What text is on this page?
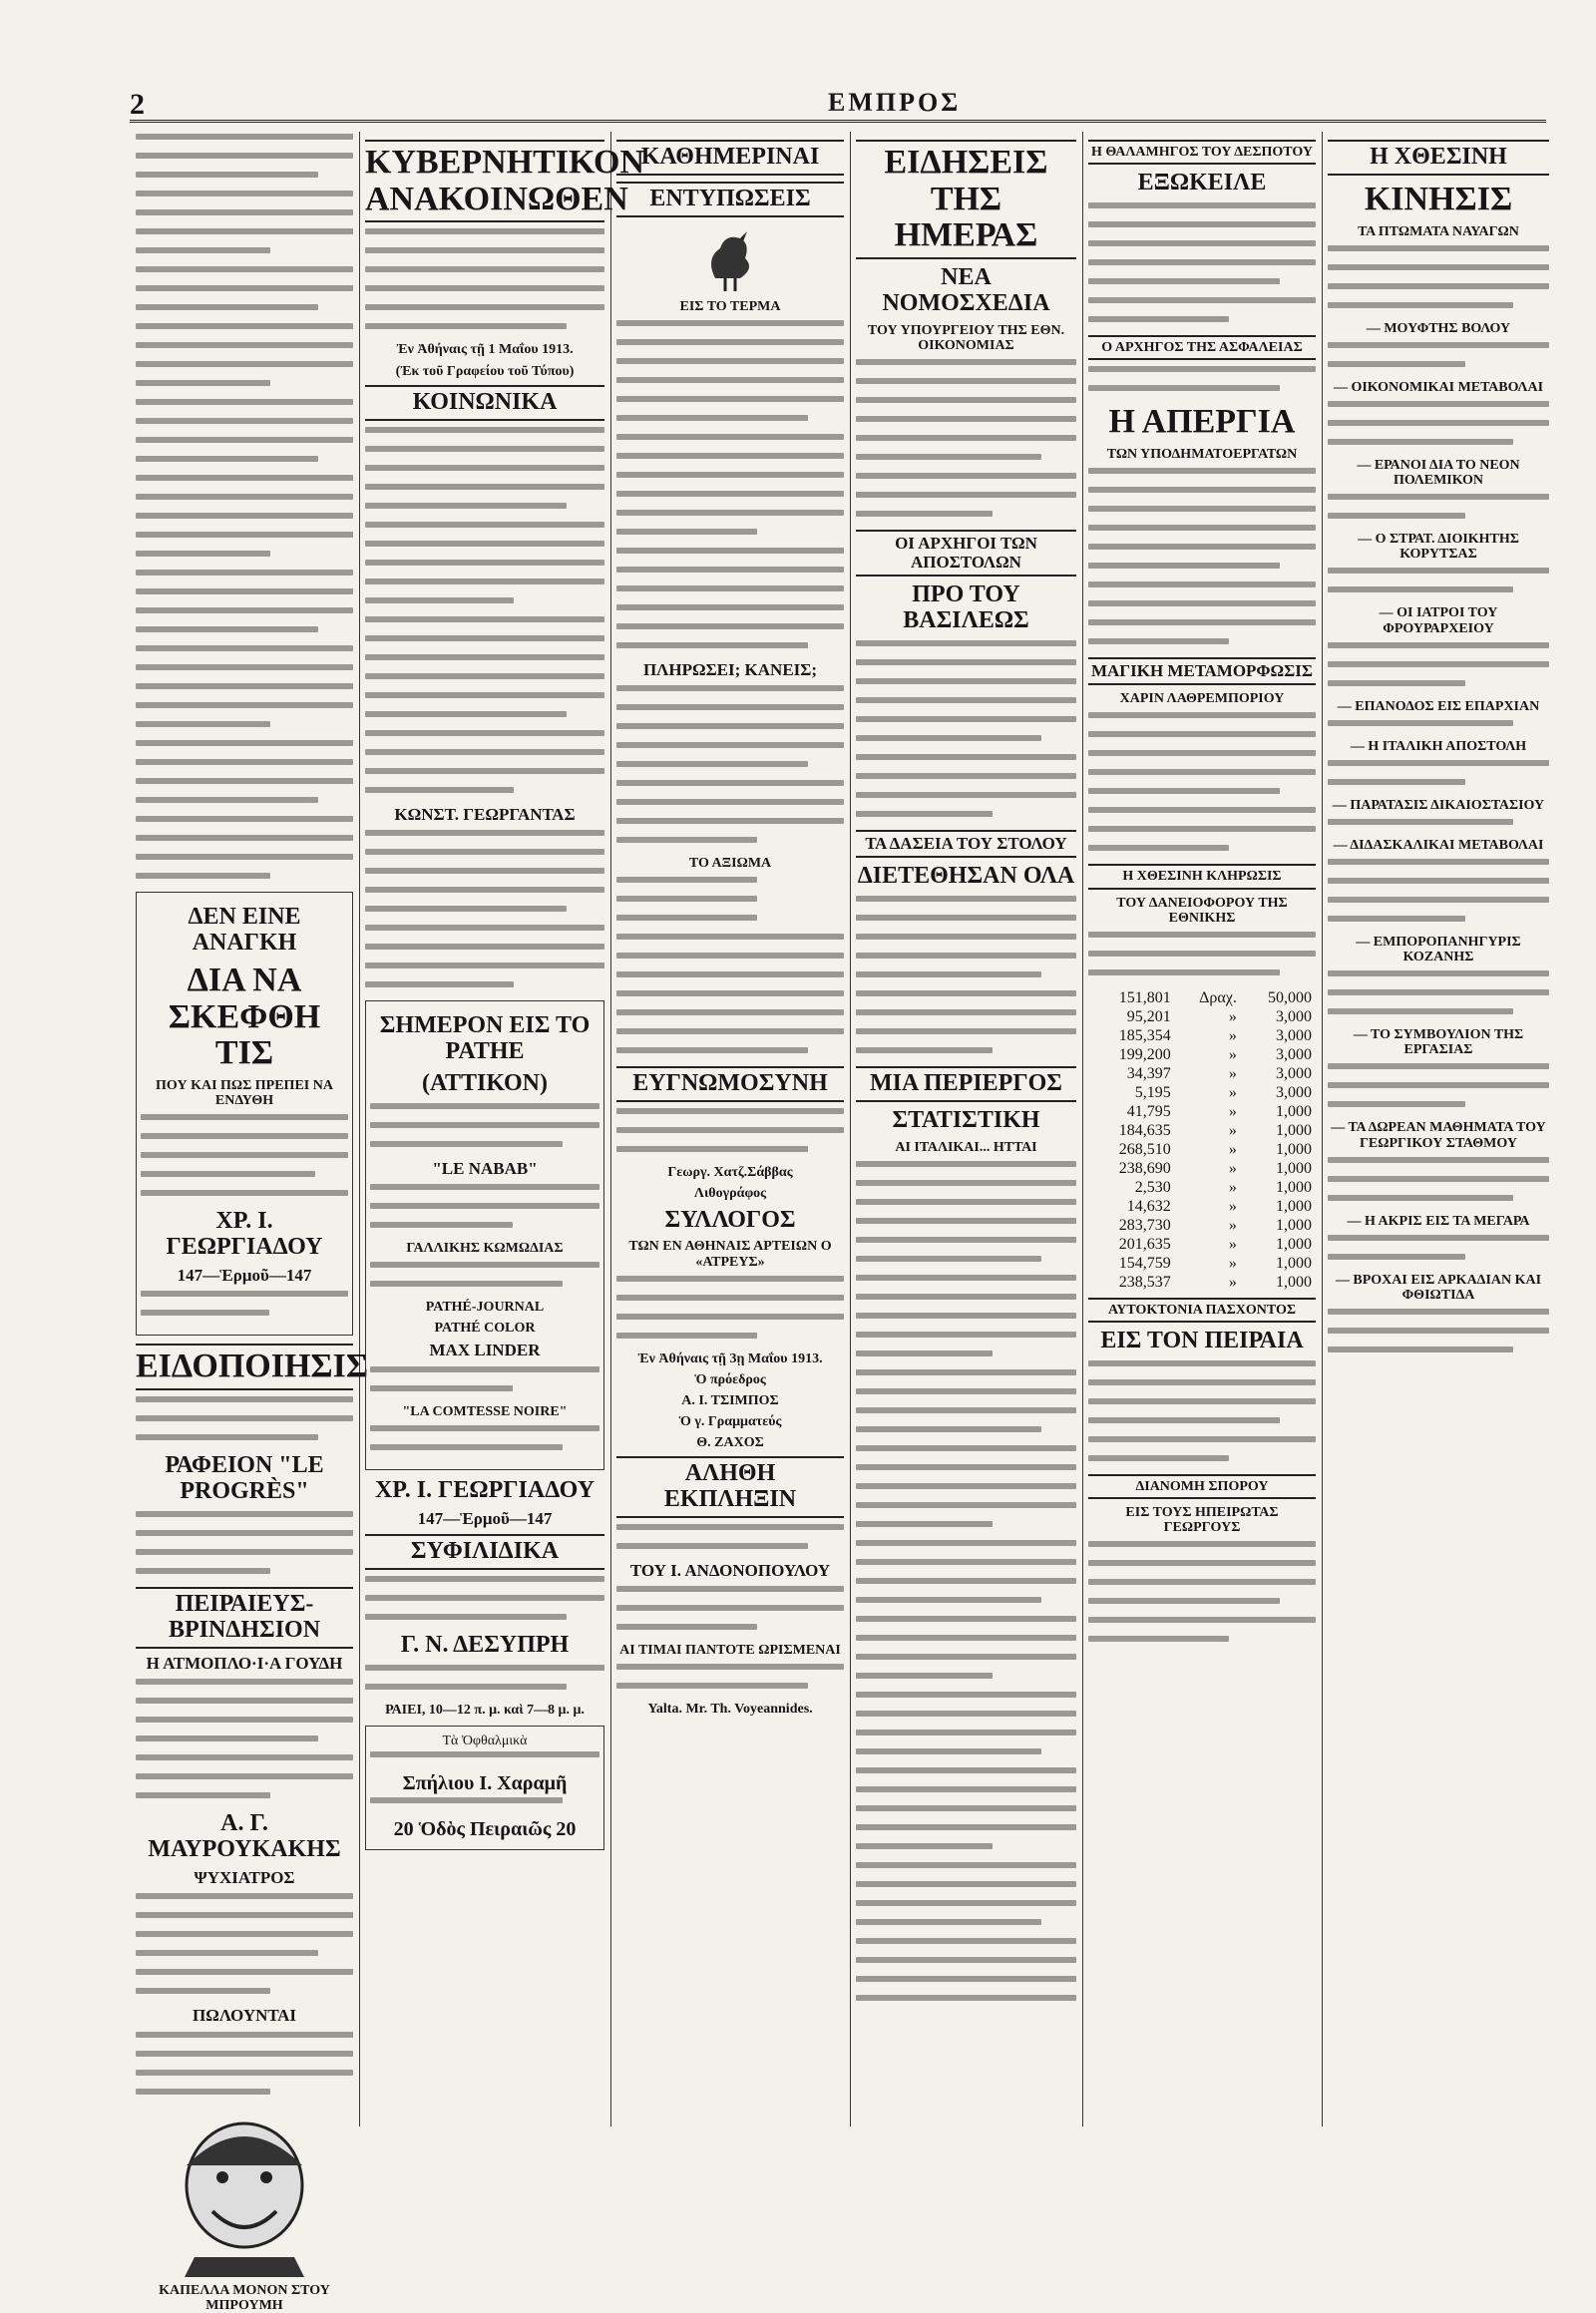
2	ΕΜΠΡΟΣ
ΔΕΝ ΕΙΝΕ ΑΝΑΓΚΗ
ΔΙΑ ΝΑ ΣΚΕΦΘΗ ΤΙΣ
ΠΟΥ ΚΑΙ ΠΩΣ ΠΡΕΠΕΙ ΝΑ ΕΝΔΥΘΗ
ΧΡ. Ι. ΓΕΩΡΓΙΑΔΟΥ
147—Ἑρμοῦ—147
ΕΙΔΟΠΟΙΗΣΙΣ
ΡΑΦΕΙΟΝ "LE PROGRÈS"
ΠΕΙΡΑΙΕΥΣ-ΒΡΙΝΔΗΣΙΟΝ
Η ΑΤΜΟΠΛΟ·Ι·Α ΓΟΥΔΗ
Α. Γ. ΜΑΥΡΟΥΚΑΚΗΣ
ΨΥΧΙΑΤΡΟΣ
ΠΩΛΟΥΝΤΑΙ
ΚΑΠΕΛΛΑ ΜΟΝΟΝ ΣΤΟΥ ΜΠΡΟΥΜΗ
ΚΥΒΕΡΝΗΤΙΚΟΝ ΑΝΑΚΟΙΝΩΘΕΝ
Ἐν Ἀθήναις τῇ 1 Μαΐου 1913.
(Ἐκ τοῦ Γραφείου τοῦ Τύπου)
ΚΟΙΝΩΝΙΚΑ
ΚΩΝΣΤ. ΓΕΩΡΓΑΝΤΑΣ
ΣΗΜΕΡΟΝ ΕΙΣ ΤΟ PATHE
(ΑΤΤΙΚΟΝ)
"LE NABAB"
ΓΑΛΛΙΚΗΣ ΚΩΜΩΔΙΑΣ
PATHÉ-JOURNAL
PATHÉ COLOR
MAX LINDER
"LA COMTESSE NOIRE"
ΧΡ. Ι. ΓΕΩΡΓΙΑΔΟΥ
147—Ἑρμοῦ—147
ΣΥΦΙΛΙΔΙΚΑ
Γ. Ν. ΔΕΣΥΠΡΗ
ΡΑΙΕΙ, 10—12 π. μ. καὶ 7—8 μ. μ.
Τὰ Ὀφθαλμικὰ
Σπήλιου Ι. Χαραμῆ
20 Ὁδὸς Πειραιῶς 20
ΚΑΘΗΜΕΡΙΝΑΙ
ΕΝΤΥΠΩΣΕΙΣ
ΕΙΣ ΤΟ ΤΕΡΜΑ
ΠΛΗΡΩΣΕΙ; ΚΑΝΕΙΣ;
ΤΟ ΑΞΙΩΜΑ
ΕΥΓΝΩΜΟΣΥΝΗ
Γεωργ. Χατζ.Σάββας
Λιθογράφος
ΣΥΛΛΟΓΟΣ
ΤΩΝ ΕΝ ΑΘΗΝΑΙΣ ΑΡΤΕΙΩΝ Ο «ΑΤΡΕΥΣ»
Ἐν Ἀθήναις τῇ 3ῃ Μαΐου 1913.
Ὁ πρόεδρος
Α. Ι. ΤΣΙΜΠΟΣ
Ὁ γ. Γραμματεύς
Θ. ΖΑΧΟΣ
ΑΛΗΘΗ ΕΚΠΛΗΞΙΝ
ΤΟΥ Ι. ΑΝΔΟΝΟΠΟΥΛΟΥ
ΑΙ ΤΙΜΑΙ ΠΑΝΤΟΤΕ ΩΡΙΣΜΕΝΑΙ
Yalta. Mr. Th. Voyeannides.
ΕΙΔΗΣΕΙΣ ΤΗΣ ΗΜΕΡΑΣ
ΝΕΑ ΝΟΜΟΣΧΕΔΙΑ
ΤΟΥ ΥΠΟΥΡΓΕΙΟΥ ΤΗΣ ΕΘΝ. ΟΙΚΟΝΟΜΙΑΣ
ΟΙ ΑΡΧΗΓΟΙ ΤΩΝ ΑΠΟΣΤΟΛΩΝ
ΠΡΟ ΤΟΥ ΒΑΣΙΛΕΩΣ
ΤΑ ΔΑΣΕΙΑ ΤΟΥ ΣΤΟΛΟΥ
ΔΙΕΤΕΘΗΣΑΝ ΟΛΑ
ΜΙΑ ΠΕΡΙΕΡΓΟΣ
ΣΤΑΤΙΣΤΙΚΗ
ΑΙ ΙΤΑΛΙΚΑΙ... ΗΤΤΑΙ
Η ΘΑΛΑΜΗΓΟΣ ΤΟΥ ΔΕΣΠΟΤΟΥ
ΕΞΩΚΕΙΛΕ
Ο ΑΡΧΗΓΟΣ ΤΗΣ ΑΣΦΑΛΕΙΑΣ
Η ΑΠΕΡΓΙΑ
ΤΩΝ ΥΠΟΔΗΜΑΤΟΕΡΓΑΤΩΝ
ΜΑΓΙΚΗ ΜΕΤΑΜΟΡΦΩΣΙΣ
ΧΑΡΙΝ ΛΑΘΡΕΜΠΟΡΙΟΥ
Η ΧΘΕΣΙΝΗ ΚΛΗΡΩΣΙΣ
ΤΟΥ ΔΑΝΕΙΟΦΟΡΟΥ ΤΗΣ ΕΘΝΙΚΗΣ
151,801	Δραχ.	50,000
95,201	»	3,000
185,354	»	3,000
199,200	»	3,000
34,397	»	3,000
5,195	»	3,000
41,795	»	1,000
184,635	»	1,000
268,510	»	1,000
238,690	»	1,000
2,530	»	1,000
14,632	»	1,000
283,730	»	1,000
201,635	»	1,000
154,759	»	1,000
238,537	»	1,000
ΑΥΤΟΚΤΟΝΙΑ ΠΑΣΧΟΝΤΟΣ
ΕΙΣ ΤΟΝ ΠΕΙΡΑΙΑ
ΔΙΑΝΟΜΗ ΣΠΟΡΟΥ
ΕΙΣ ΤΟΥΣ ΗΠΕΙΡΩΤΑΣ ΓΕΩΡΓΟΥΣ
Η ΧΘΕΣΙΝΗ
ΚΙΝΗΣΙΣ
ΤΑ ΠΤΩΜΑΤΑ ΝΑΥΑΓΩΝ
— ΜΟΥΦΤΗΣ ΒΟΛΟΥ
— ΟΙΚΟΝΟΜΙΚΑΙ ΜΕΤΑΒΟΛΑΙ
— ΕΡΑΝΟΙ ΔΙΑ ΤΟ ΝΕΟΝ ΠΟΛΕΜΙΚΟΝ
— Ο ΣΤΡΑΤ. ΔΙΟΙΚΗΤΗΣ ΚΟΡΥΤΣΑΣ
— ΟΙ ΙΑΤΡΟΙ ΤΟΥ ΦΡΟΥΡΑΡΧΕΙΟΥ
— ΕΠΑΝΟΔΟΣ ΕΙΣ ΕΠΑΡΧΙΑΝ
— Η ΙΤΑΛΙΚΗ ΑΠΟΣΤΟΛΗ
— ΠΑΡΑΤΑΣΙΣ ΔΙΚΑΙΟΣΤΑΣΙΟΥ
— ΔΙΔΑΣΚΑΛΙΚΑΙ ΜΕΤΑΒΟΛΑΙ
— ΕΜΠΟΡΟΠΑΝΗΓΥΡΙΣ ΚΟΖΑΝΗΣ
— ΤΟ ΣΥΜΒΟΥΛΙΟΝ ΤΗΣ ΕΡΓΑΣΙΑΣ
— ΤΑ ΔΩΡΕΑΝ ΜΑΘΗΜΑΤΑ ΤΟΥ ΓΕΩΡΓΙΚΟΥ ΣΤΑΘΜΟΥ
— Η ΑΚΡΙΣ ΕΙΣ ΤΑ ΜΕΓΑΡΑ
— ΒΡΟΧΑΙ ΕΙΣ ΑΡΚΑΔΙΑΝ ΚΑΙ ΦΘΙΩΤΙΔΑ
